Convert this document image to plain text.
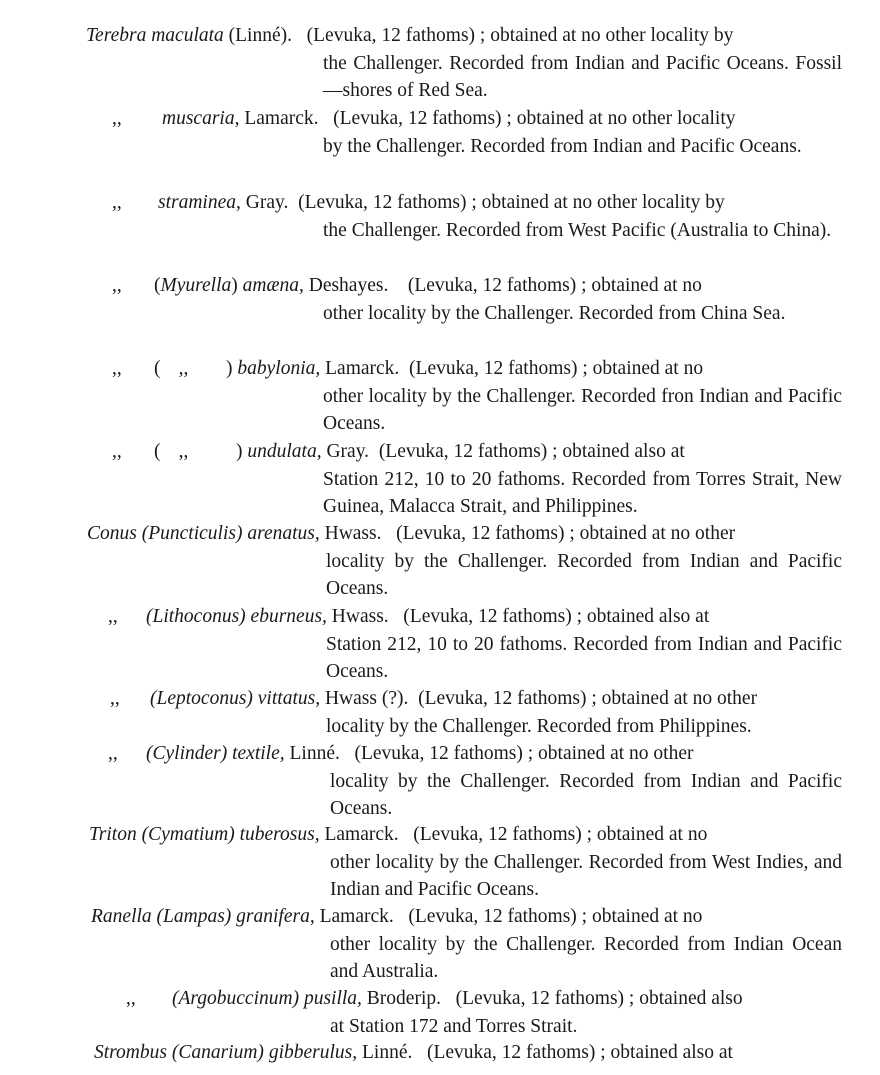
Terebra maculata (Linné). (Levuka, 12 fathoms) ; obtained at no other locality by
the Challenger. Recorded from Indian and Pacific Oceans. Fossil—shores of Red Sea.
,, muscaria, Lamarck. (Levuka, 12 fathoms) ; obtained at no other locality
by the Challenger. Recorded from Indian and Pacific Oceans.
,, straminea, Gray. (Levuka, 12 fathoms) ; obtained at no other locality by
the Challenger. Recorded from West Pacific (Australia to China).
,, (Myurella) amæna, Deshayes. (Levuka, 12 fathoms) ; obtained at no
other locality by the Challenger. Recorded from China Sea.
,, ( ,, ) babylonia, Lamarck. (Levuka, 12 fathoms) ; obtained at no
other locality by the Challenger. Recorded fron Indian and Pacific Oceans.
,, ( ,, ) undulata, Gray. (Levuka, 12 fathoms) ; obtained also at
Station 212, 10 to 20 fathoms. Recorded from Torres Strait, New Guinea, Malacca Strait, and Philippines.
Conus (Puncticulis) arenatus, Hwass. (Levuka, 12 fathoms) ; obtained at no other
locality by the Challenger. Recorded from Indian and Pacific Oceans.
,, (Lithoconus) eburneus, Hwass. (Levuka, 12 fathoms) ; obtained also at
Station 212, 10 to 20 fathoms. Recorded from Indian and Pacific Oceans.
,, (Leptoconus) vittatus, Hwass (?). (Levuka, 12 fathoms) ; obtained at no other
locality by the Challenger. Recorded from Philippines.
,, (Cylinder) textile, Linné. (Levuka, 12 fathoms) ; obtained at no other
locality by the Challenger. Recorded from Indian and Pacific Oceans.
Triton (Cymatium) tuberosus, Lamarck. (Levuka, 12 fathoms) ; obtained at no
other locality by the Challenger. Recorded from West Indies, and Indian and Pacific Oceans.
Ranella (Lampas) granifera, Lamarck. (Levuka, 12 fathoms) ; obtained at no
other locality by the Challenger. Recorded from Indian Ocean and Australia.
,, (Argobuccinum) pusilla, Broderip. (Levuka, 12 fathoms) ; obtained also
at Station 172 and Torres Strait.
Strombus (Canarium) gibberulus, Linné. (Levuka, 12 fathoms) ; obtained also at
